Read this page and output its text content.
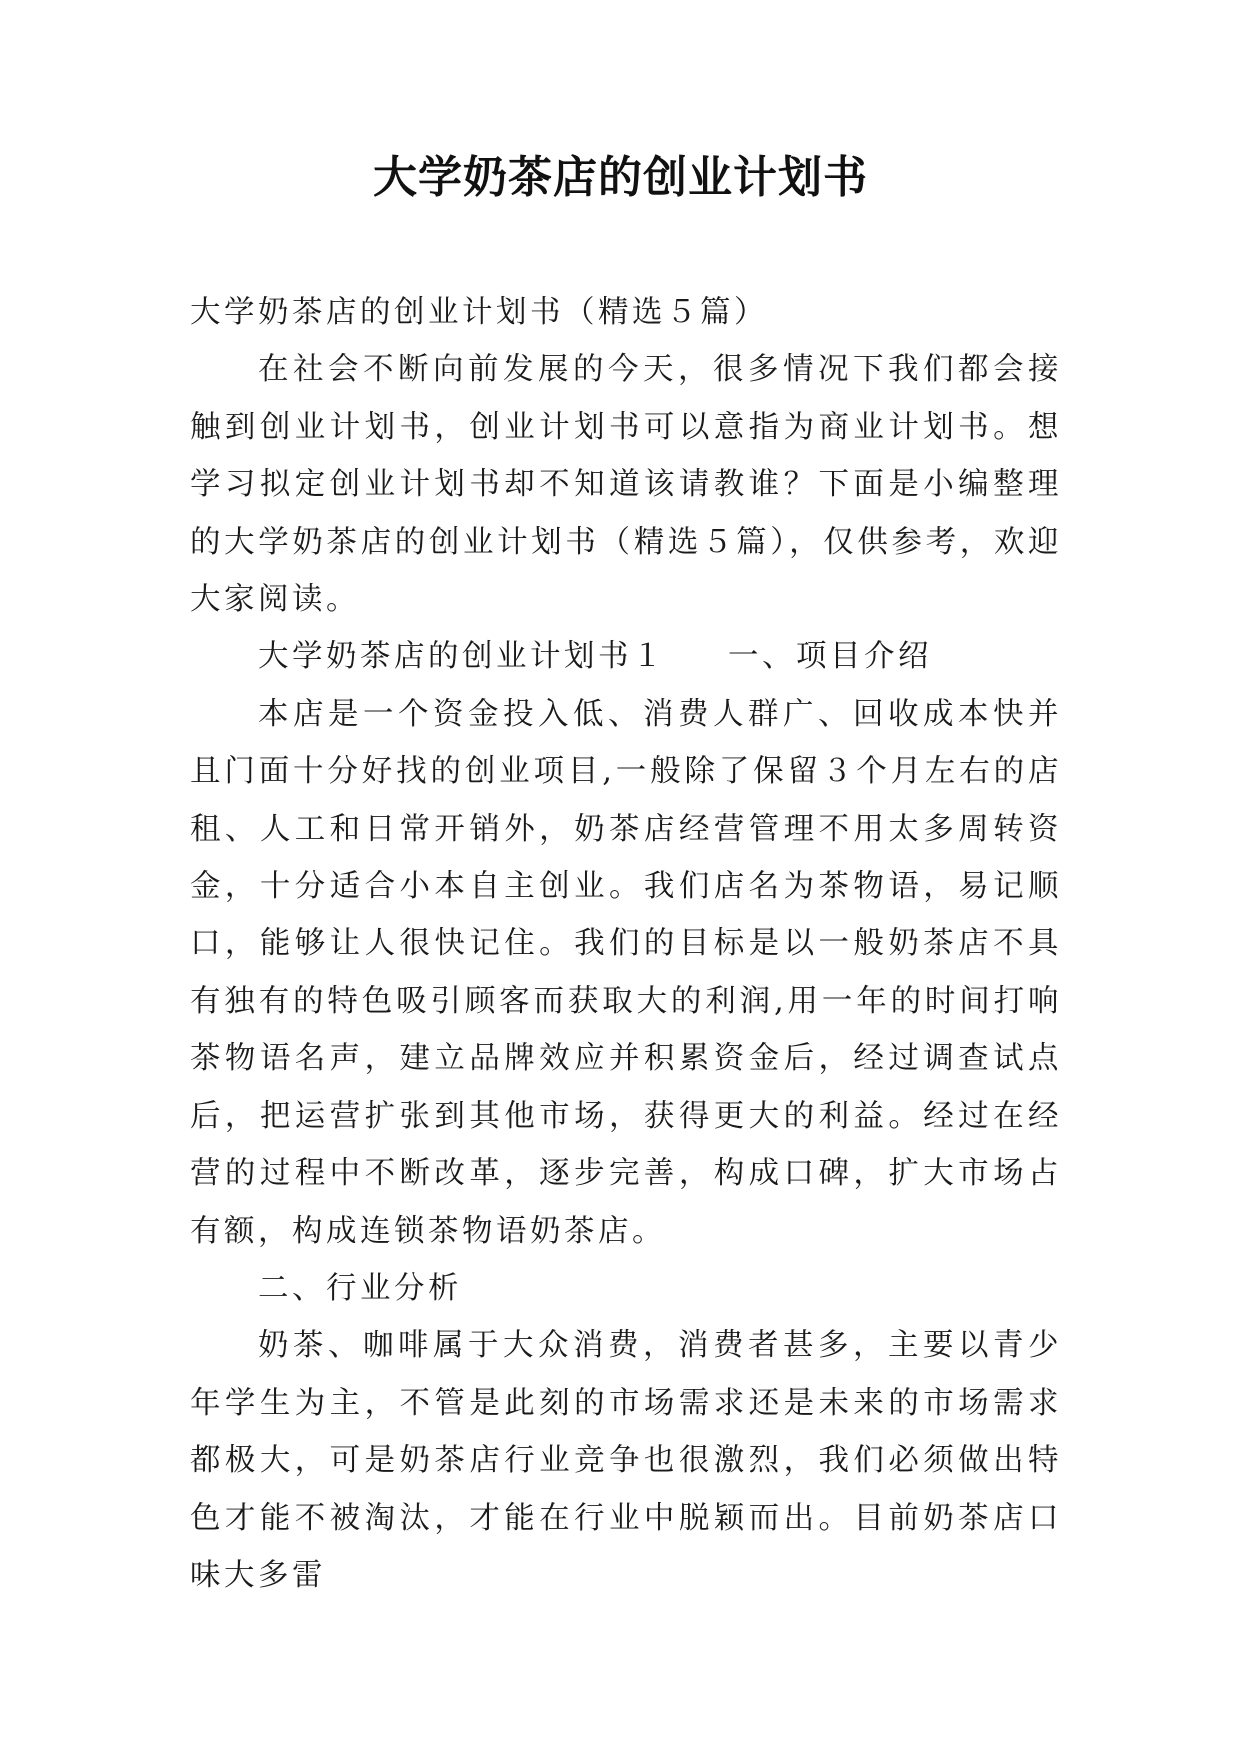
大学奶茶店的创业计划书

大学奶茶店的创业计划书（精选５篇）

在社会不断向前发展的今天，很多情况下我们都会接触到创业计划书，创业计划书可以意指为商业计划书。想学习拟定创业计划书却不知道该请教谁？下面是小编整理的大学奶茶店的创业计划书（精选５篇），仅供参考，欢迎大家阅读。

大学奶茶店的创业计划书１ 一、项目介绍

本店是一个资金投入低、消费人群广、回收成本快并且门面十分好找的创业项目,一般除了保留３个月左右的店租、人工和日常开销外，奶茶店经营管理不用太多周转资金，十分适合小本自主创业。我们店名为茶物语，易记顺口，能够让人很快记住。我们的目标是以一般奶茶店不具有独有的特色吸引顾客而获取大的利润,用一年的时间打响茶物语名声，建立品牌效应并积累资金后，经过调查试点后，把运营扩张到其他市场，获得更大的利益。经过在经营的过程中不断改革，逐步完善，构成口碑，扩大市场占有额，构成连锁茶物语奶茶店。

二、行业分析

奶茶、咖啡属于大众消费，消费者甚多，主要以青少年学生为主，不管是此刻的市场需求还是未来的市场需求都极大，可是奶茶店行业竞争也很激烈，我们必须做出特色才能不被淘汰，才能在行业中脱颖而出。目前奶茶店口味大多雷
